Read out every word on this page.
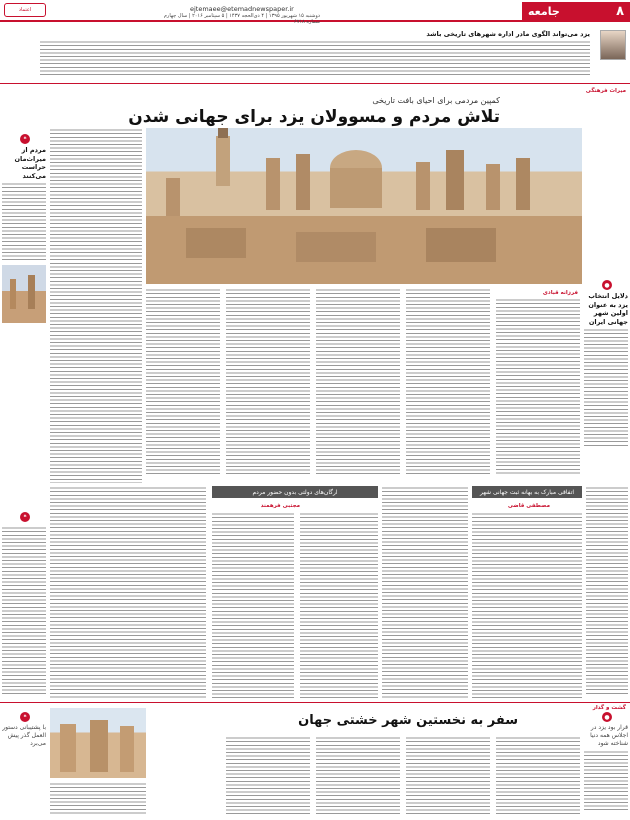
۸
جامعه
ejtemaee@etemadnewspaper.ir
دوشنبه ۱۵ شهریور ۱۳۹۵ | ۴ ذی‌الحجه ۱۴۳۷ | ۵ سپتامبر ۲۰۱۶ | سال چهارم شماره ۶۷۱۸
اعتماد
یزد می‌تواند الگوی مادر اداره شهرهای تاریخی باشد
میراث فرهنگی
کمپین مردمی برای احیای بافت تاریخی
تلاش مردم و مسوولان یزد برای جهانی شدن
●
دلایل انتخاب یزد به عنوان اولین شهر جهانی ایران
❝
مردم از میراث‌مان حراست می‌کنند
فرزانه قبادی
اتفاقی مبارک به بهانه ثبت جهانی شهر
مصطفی قاضی
ارگان‌های دولتی بدون حضور مردم
مجتبی فرهمند
❝
گشت و گذار
سفر به نخستین شهر خشتی جهان	●
قرار بود یزد در اجلاس همه دنیا شناخته شود
❝
با پشتیبانی دستور العمل گذر پیش می‌برد
